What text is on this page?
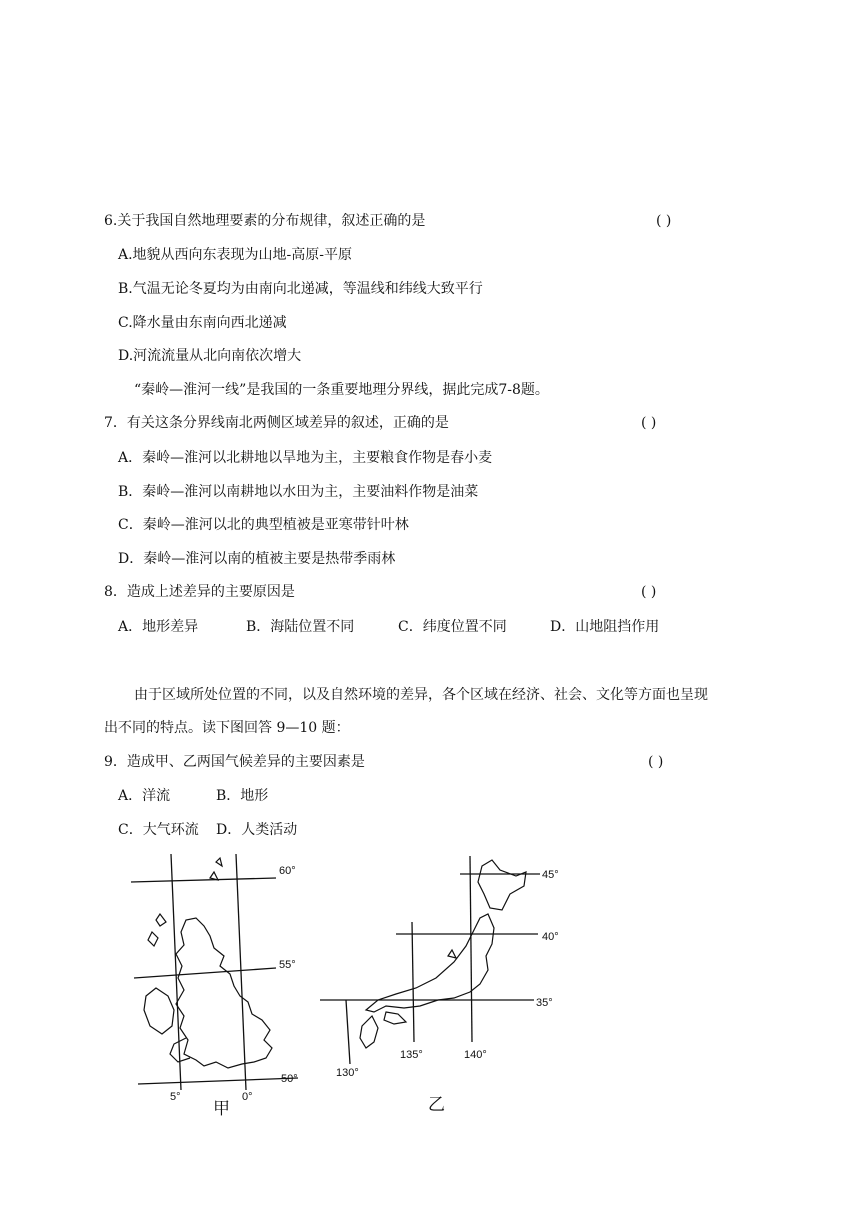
6.关于我国自然地理要素的分布规律，叙述正确的是	( )
A.地貌从西向东表现为山地-高原-平原
B.气温无论冬夏均为由南向北递减，等温线和纬线大致平行
C.降水量由东南向西北递减
D.河流流量从北向南依次增大
“秦岭—淮河一线”是我国的一条重要地理分界线，据此完成7-8题。
7．有关这条分界线南北两侧区域差异的叙述，正确的是	( )
A．秦岭—淮河以北耕地以旱地为主，主要粮食作物是春小麦
B．秦岭—淮河以南耕地以水田为主，主要油料作物是油菜
C．秦岭—淮河以北的典型植被是亚寒带针叶林
D．秦岭—淮河以南的植被主要是热带季雨林
8．造成上述差异的主要原因是	( )
A．地形差异	B．海陆位置不同	C．纬度位置不同	D．山地阻挡作用
由于区域所处位置的不同，以及自然环境的差异，各个区域在经济、社会、文化等方面也呈现
出不同的特点。读下图回答 9—10 题：
9．造成甲、乙两国气候差异的主要因素是	( )
A．洋流	B．地形
C．大气环流 D．人类活动
60°
55°
50°
5°	0°
甲
45°
40°
35°
130°
135°	140°
乙
